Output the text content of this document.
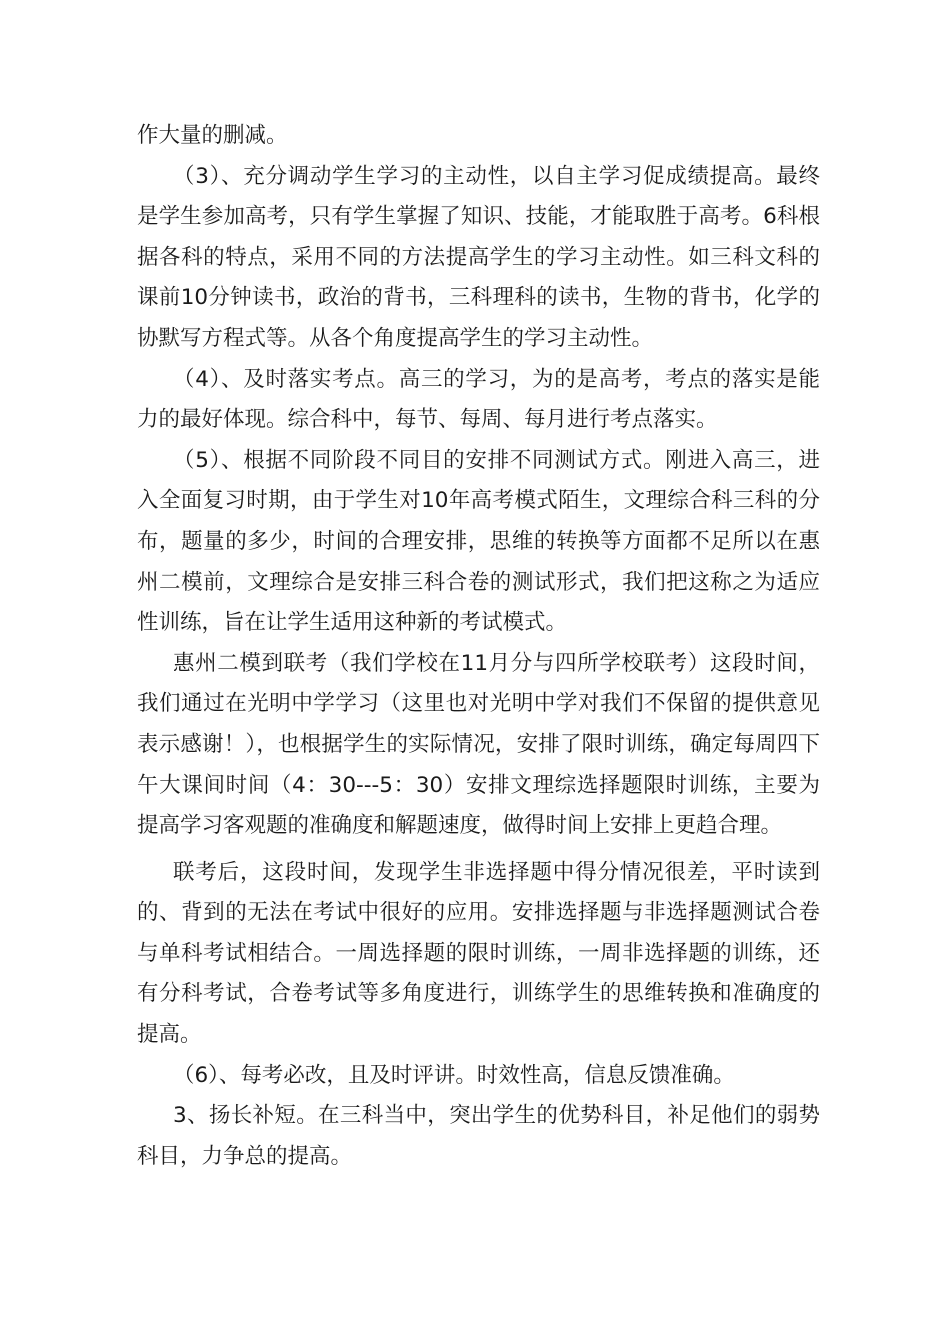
作大量的删减。

（3）、充分调动学生学习的主动性，以自主学习促成绩提高。最终是学生参加高考，只有学生掌握了知识、技能，才能取胜于高考。6科根据各科的特点，采用不同的方法提高学生的学习主动性。如三科文科的课前10分钟读书，政治的背书，三科理科的读书，生物的背书，化学的协默写方程式等。从各个角度提高学生的学习主动性。

（4）、及时落实考点。高三的学习，为的是高考，考点的落实是能力的最好体现。综合科中，每节、每周、每月进行考点落实。

（5）、根据不同阶段不同目的安排不同测试方式。刚进入高三，进入全面复习时期，由于学生对10年高考模式陌生，文理综合科三科的分布，题量的多少，时间的合理安排，思维的转换等方面都不足所以在惠州二模前，文理综合是安排三科合卷的测试形式，我们把这称之为适应性训练，旨在让学生适用这种新的考试模式。

惠州二模到联考（我们学校在11月分与四所学校联考）这段时间，我们通过在光明中学学习（这里也对光明中学对我们不保留的提供意见表示感谢！），也根据学生的实际情况，安排了限时训练，确定每周四下午大课间时间（4：30---5：30）安排文理综选择题限时训练，主要为提高学习客观题的准确度和解题速度，做得时间上安排上更趋合理。

联考后，这段时间，发现学生非选择题中得分情况很差，平时读到的、背到的无法在考试中很好的应用。安排选择题与非选择题测试合卷与单科考试相结合。一周选择题的限时训练，一周非选择题的训练，还有分科考试，合卷考试等多角度进行，训练学生的思维转换和准确度的提高。

（6）、每考必改，且及时评讲。时效性高，信息反馈准确。

3、扬长补短。在三科当中，突出学生的优势科目，补足他们的弱势科目，力争总的提高。
